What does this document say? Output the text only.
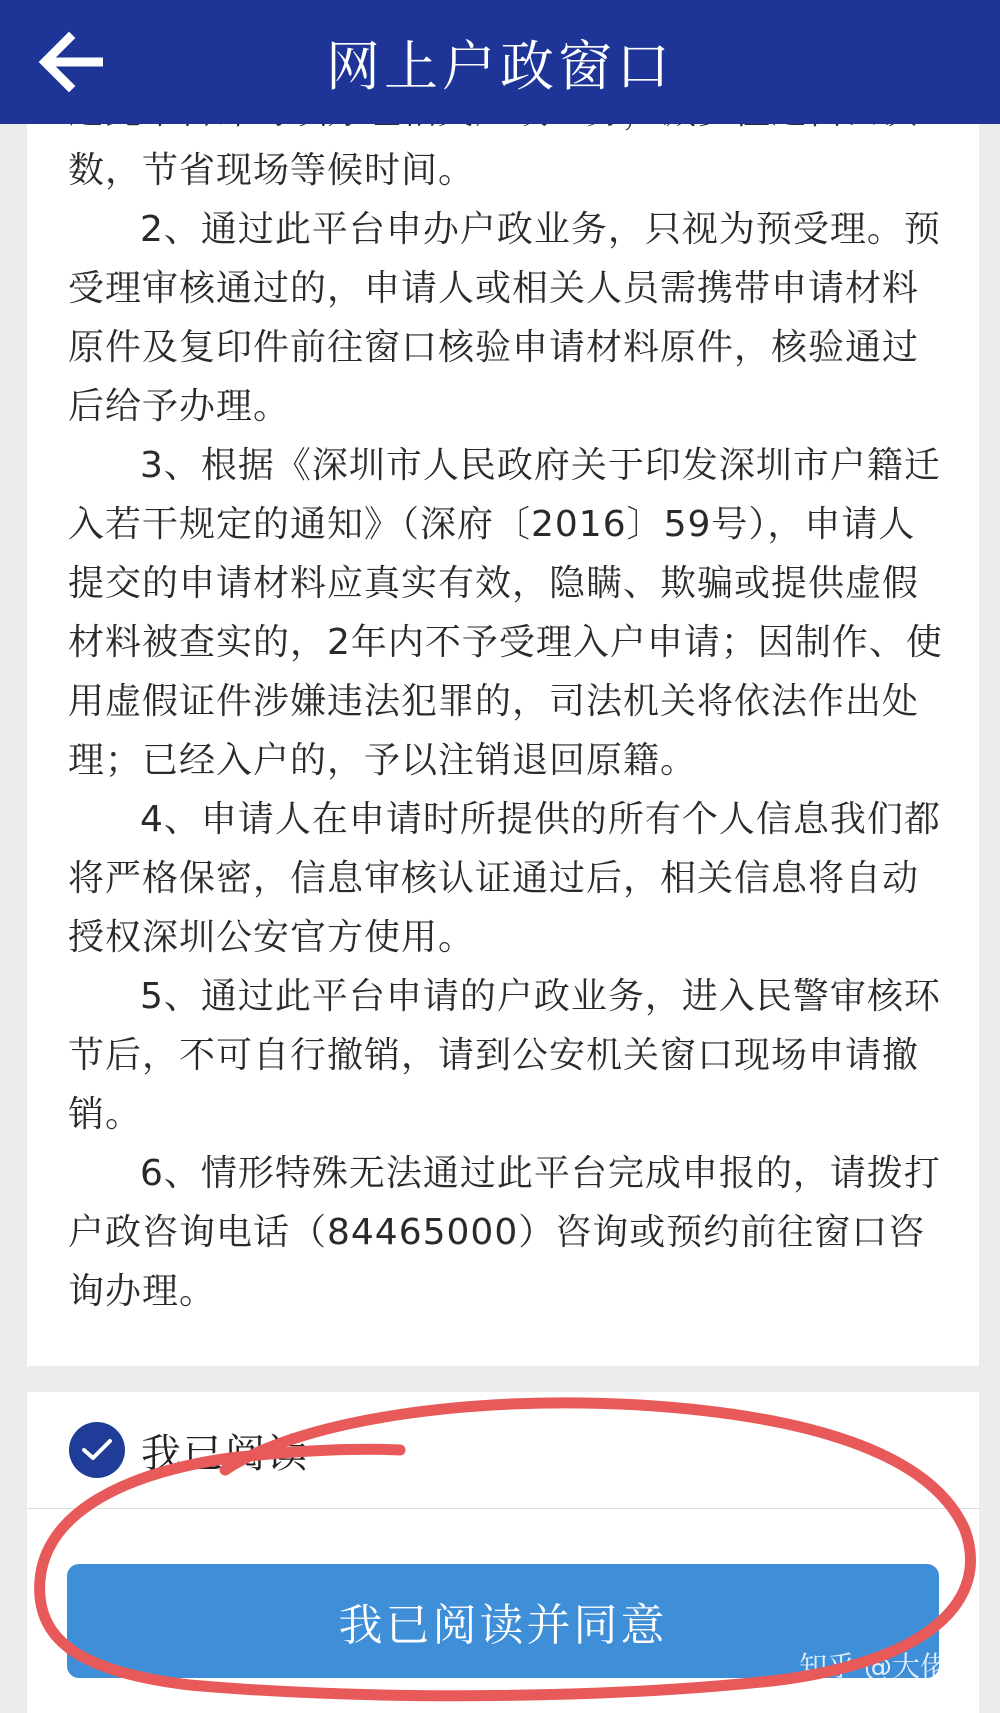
网上户政窗口

数，节省现场等候时间。

2、通过此平台申办户政业务，只视为预受理。预受理审核通过的，申请人或相关人员需携带申请材料原件及复印件前往窗口核验申请材料原件，核验通过后给予办理。

3、根据《深圳市人民政府关于印发深圳市户籍迁入若干规定的通知》（深府〔2016〕59号），申请人提交的申请材料应真实有效，隐瞒、欺骗或提供虚假材料被查实的，2年内不予受理入户申请；因制作、使用虚假证件涉嫌违法犯罪的，司法机关将依法作出处理；已经入户的，予以注销退回原籍。

4、申请人在申请时所提供的所有个人信息我们都将严格保密，信息审核认证通过后，相关信息将自动授权深圳公安官方使用。

5、通过此平台申请的户政业务，进入民警审核环节后，不可自行撤销，请到公安机关窗口现场申请撤销。

6、情形特殊无法通过此平台完成申报的，请拨打户政咨询电话（84465000）咨询或预约前往窗口咨询办理。

我已阅读
我已阅读并同意
知乎 @大佬猪
